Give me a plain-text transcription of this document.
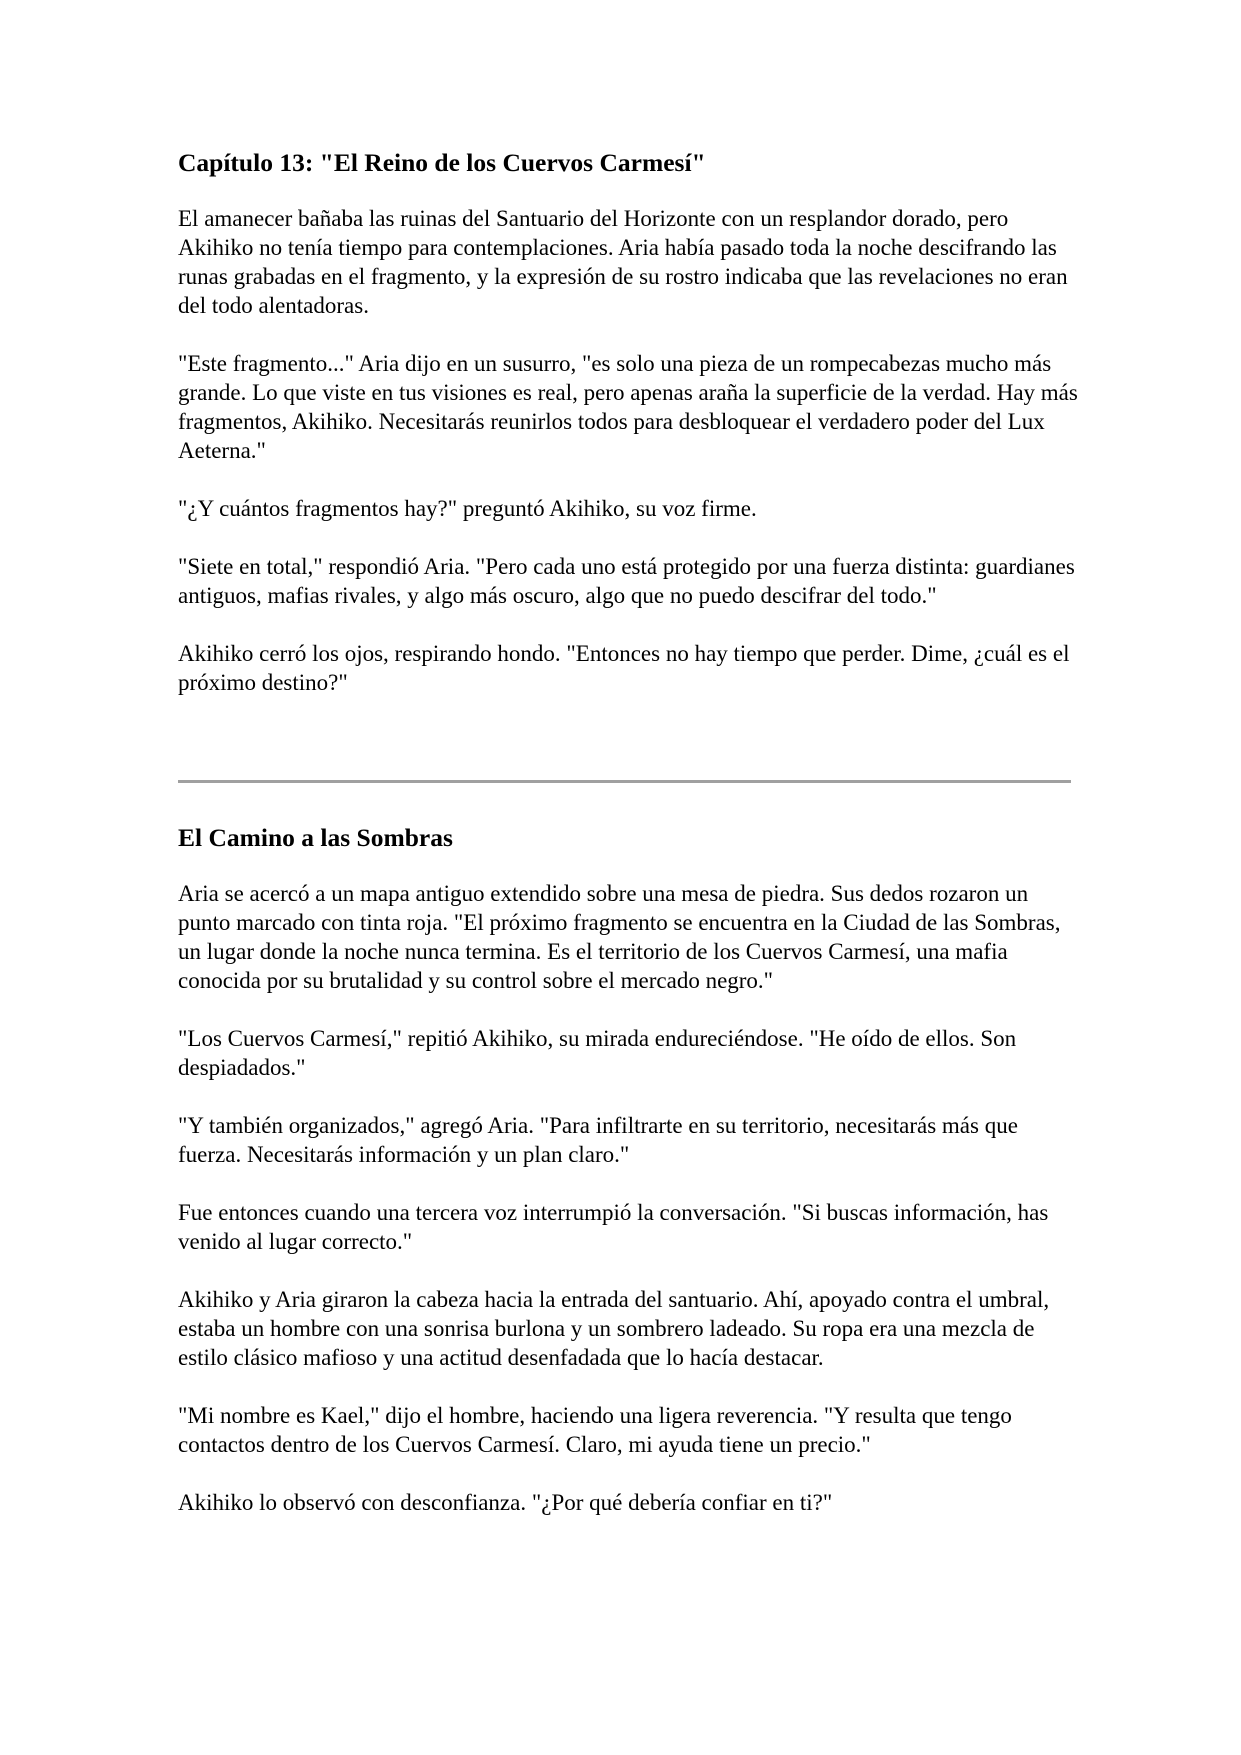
Capítulo 13: "El Reino de los Cuervos Carmesí"

El amanecer bañaba las ruinas del Santuario del Horizonte con un resplandor dorado, pero Akihiko no tenía tiempo para contemplaciones. Aria había pasado toda la noche descifrando las runas grabadas en el fragmento, y la expresión de su rostro indicaba que las revelaciones no eran del todo alentadoras.

"Este fragmento..." Aria dijo en un susurro, "es solo una pieza de un rompecabezas mucho más grande. Lo que viste en tus visiones es real, pero apenas araña la superficie de la verdad. Hay más fragmentos, Akihiko. Necesitarás reunirlos todos para desbloquear el verdadero poder del Lux Aeterna."

"¿Y cuántos fragmentos hay?" preguntó Akihiko, su voz firme.

"Siete en total," respondió Aria. "Pero cada uno está protegido por una fuerza distinta: guardianes antiguos, mafias rivales, y algo más oscuro, algo que no puedo descifrar del todo."

Akihiko cerró los ojos, respirando hondo. "Entonces no hay tiempo que perder. Dime, ¿cuál es el próximo destino?"

El Camino a las Sombras

Aria se acercó a un mapa antiguo extendido sobre una mesa de piedra. Sus dedos rozaron un punto marcado con tinta roja. "El próximo fragmento se encuentra en la Ciudad de las Sombras, un lugar donde la noche nunca termina. Es el territorio de los Cuervos Carmesí, una mafia conocida por su brutalidad y su control sobre el mercado negro."

"Los Cuervos Carmesí," repitió Akihiko, su mirada endureciéndose. "He oído de ellos. Son despiadados."

"Y también organizados," agregó Aria. "Para infiltrarte en su territorio, necesitarás más que fuerza. Necesitarás información y un plan claro."

Fue entonces cuando una tercera voz interrumpió la conversación. "Si buscas información, has venido al lugar correcto."

Akihiko y Aria giraron la cabeza hacia la entrada del santuario. Ahí, apoyado contra el umbral, estaba un hombre con una sonrisa burlona y un sombrero ladeado. Su ropa era una mezcla de estilo clásico mafioso y una actitud desenfadada que lo hacía destacar.

"Mi nombre es Kael," dijo el hombre, haciendo una ligera reverencia. "Y resulta que tengo contactos dentro de los Cuervos Carmesí. Claro, mi ayuda tiene un precio."

Akihiko lo observó con desconfianza. "¿Por qué debería confiar en ti?"
